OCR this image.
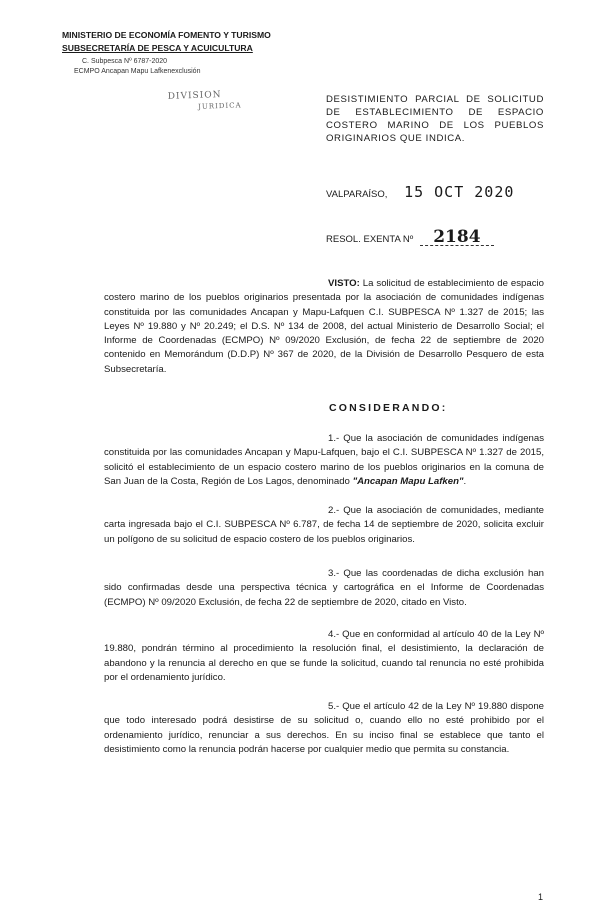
MINISTERIO DE ECONOMÍA FOMENTO Y TURISMO
SUBSECRETARÍA DE PESCA Y ACUICULTURA
C. Subpesca Nº 6787-2020
ECMPO Ancapan Mapu Lafkenexclusión
DIVISION
JURIDICA
DESISTIMIENTO PARCIAL DE SOLICITUD DE ESTABLECIMIENTO DE ESPACIO COSTERO MARINO DE LOS PUEBLOS ORIGINARIOS QUE INDICA.
VALPARAÍSO, 15 OCT 2020
RESOL. EXENTA Nº 2184
VISTO: La solicitud de establecimiento de espacio costero marino de los pueblos originarios presentada por la asociación de comunidades indígenas constituida por las comunidades Ancapan y Mapu-Lafquen C.I. SUBPESCA Nº 1.327 de 2015; las Leyes Nº 19.880 y Nº 20.249; el D.S. Nº 134 de 2008, del actual Ministerio de Desarrollo Social; el Informe de Coordenadas (ECMPO) Nº 09/2020 Exclusión, de fecha 22 de septiembre de 2020 contenido en Memorándum (D.D.P) Nº 367 de 2020, de la División de Desarrollo Pesquero de esta Subsecretaría.
CONSIDERANDO:
1.- Que la asociación de comunidades indígenas constituida por las comunidades Ancapan y Mapu-Lafquen, bajo el C.I. SUBPESCA Nº 1.327 de 2015, solicitó el establecimiento de un espacio costero marino de los pueblos originarios en la comuna de San Juan de la Costa, Región de Los Lagos, denominado "Ancapan Mapu Lafken".
2.- Que la asociación de comunidades, mediante carta ingresada bajo el C.I. SUBPESCA Nº 6.787, de fecha 14 de septiembre de 2020, solicita excluir un polígono de su solicitud de espacio costero de los pueblos originarios.
3.- Que las coordenadas de dicha exclusión han sido confirmadas desde una perspectiva técnica y cartográfica en el Informe de Coordenadas (ECMPO) Nº 09/2020 Exclusión, de fecha 22 de septiembre de 2020, citado en Visto.
4.- Que en conformidad al artículo 40 de la Ley Nº 19.880, pondrán término al procedimiento la resolución final, el desistimiento, la declaración de abandono y la renuncia al derecho en que se funde la solicitud, cuando tal renuncia no esté prohibida por el ordenamiento jurídico.
5.- Que el artículo 42 de la Ley Nº 19.880 dispone que todo interesado podrá desistirse de su solicitud o, cuando ello no esté prohibido por el ordenamiento jurídico, renunciar a sus derechos. En su inciso final se establece que tanto el desistimiento como la renuncia podrán hacerse por cualquier medio que permita su constancia.
1
